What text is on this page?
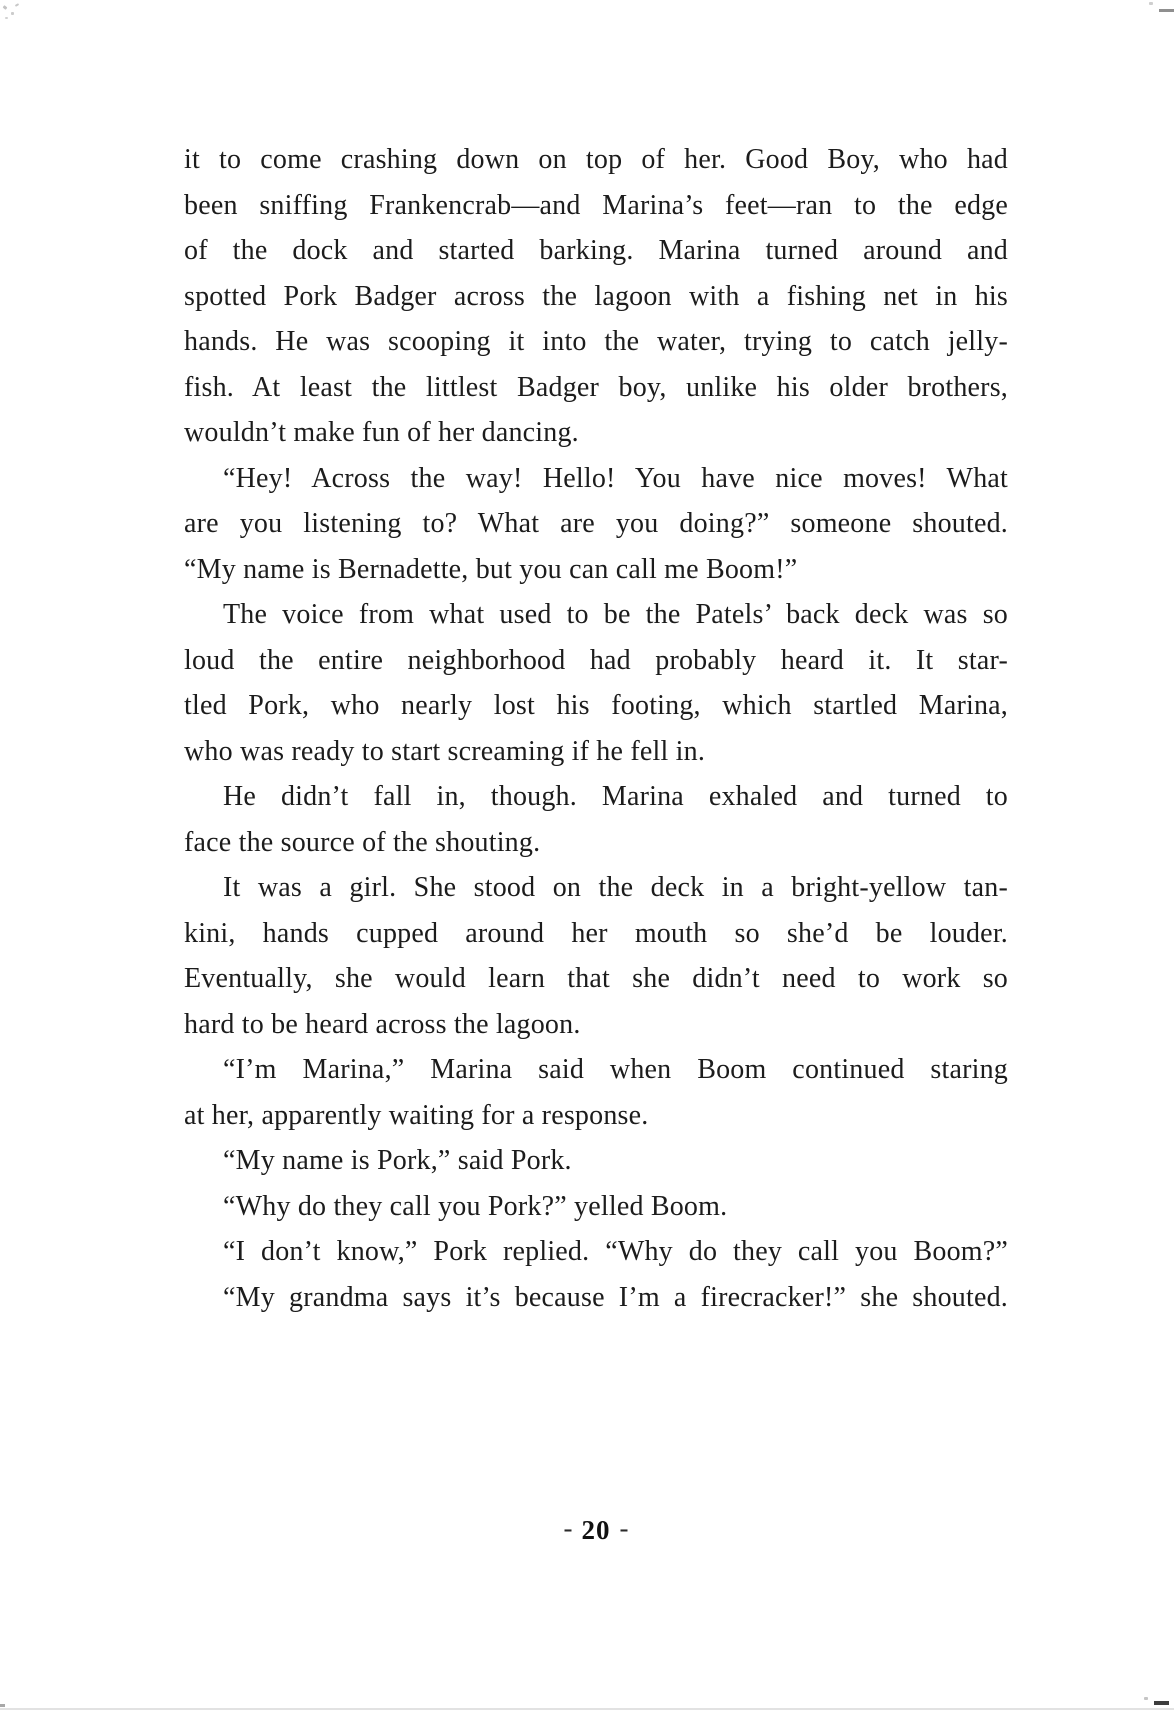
it to come crashing down on top of her. Good Boy, who had
been sniffing Frankencrab—and Marina’s feet—ran to the edge
of the dock and started barking. Marina turned around and
spotted Pork Badger across the lagoon with a fishing net in his
hands. He was scooping it into the water, trying to catch jelly-
fish. At least the littlest Badger boy, unlike his older brothers,
wouldn’t make fun of her dancing.
“Hey! Across the way! Hello! You have nice moves! What
are you listening to? What are you doing?” someone shouted.
“My name is Bernadette, but you can call me Boom!”
The voice from what used to be the Patels’ back deck was so
loud the entire neighborhood had probably heard it. It star-
tled Pork, who nearly lost his footing, which startled Marina,
who was ready to start screaming if he fell in.
He didn’t fall in, though. Marina exhaled and turned to
face the source of the shouting.
It was a girl. She stood on the deck in a bright-yellow tan-
kini, hands cupped around her mouth so she’d be louder.
Eventually, she would learn that she didn’t need to work so
hard to be heard across the lagoon.
“I’m Marina,” Marina said when Boom continued staring
at her, apparently waiting for a response.
“My name is Pork,” said Pork.
“Why do they call you Pork?” yelled Boom.
“I don’t know,” Pork replied. “Why do they call you Boom?”
“My grandma says it’s because I’m a firecracker!” she shouted.
- 20 -
